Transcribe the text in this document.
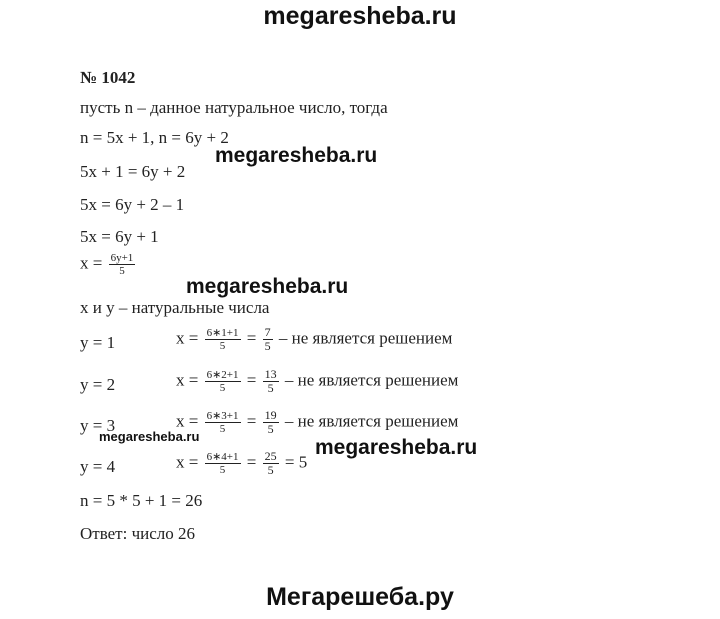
megaresheba.ru
№ 1042
пусть n – данное натуральное число, тогда
n = 5x + 1, n = 6y + 2
5x + 1 = 6y + 2
5x = 6y + 2 – 1
5x = 6y + 1
$x = \frac{6y+1}{5}$
x и y – натуральные числа
y = 1	$x = \frac{6∗1+1}{5} = \frac{7}{5}$ – не является решением
y = 2	$x = \frac{6∗2+1}{5} = \frac{13}{5}$ – не является решением
y = 3	$x = \frac{6∗3+1}{5} = \frac{19}{5}$ – не является решением
y = 4	$x = \frac{6∗4+1}{5} = \frac{25}{5} = 5$
n = 5 * 5 + 1 = 26
Ответ: число 26
megaresheba.ru
megaresheba.ru
megaresheba.ru	megaresheba.ru
Мегарешеба.ру
